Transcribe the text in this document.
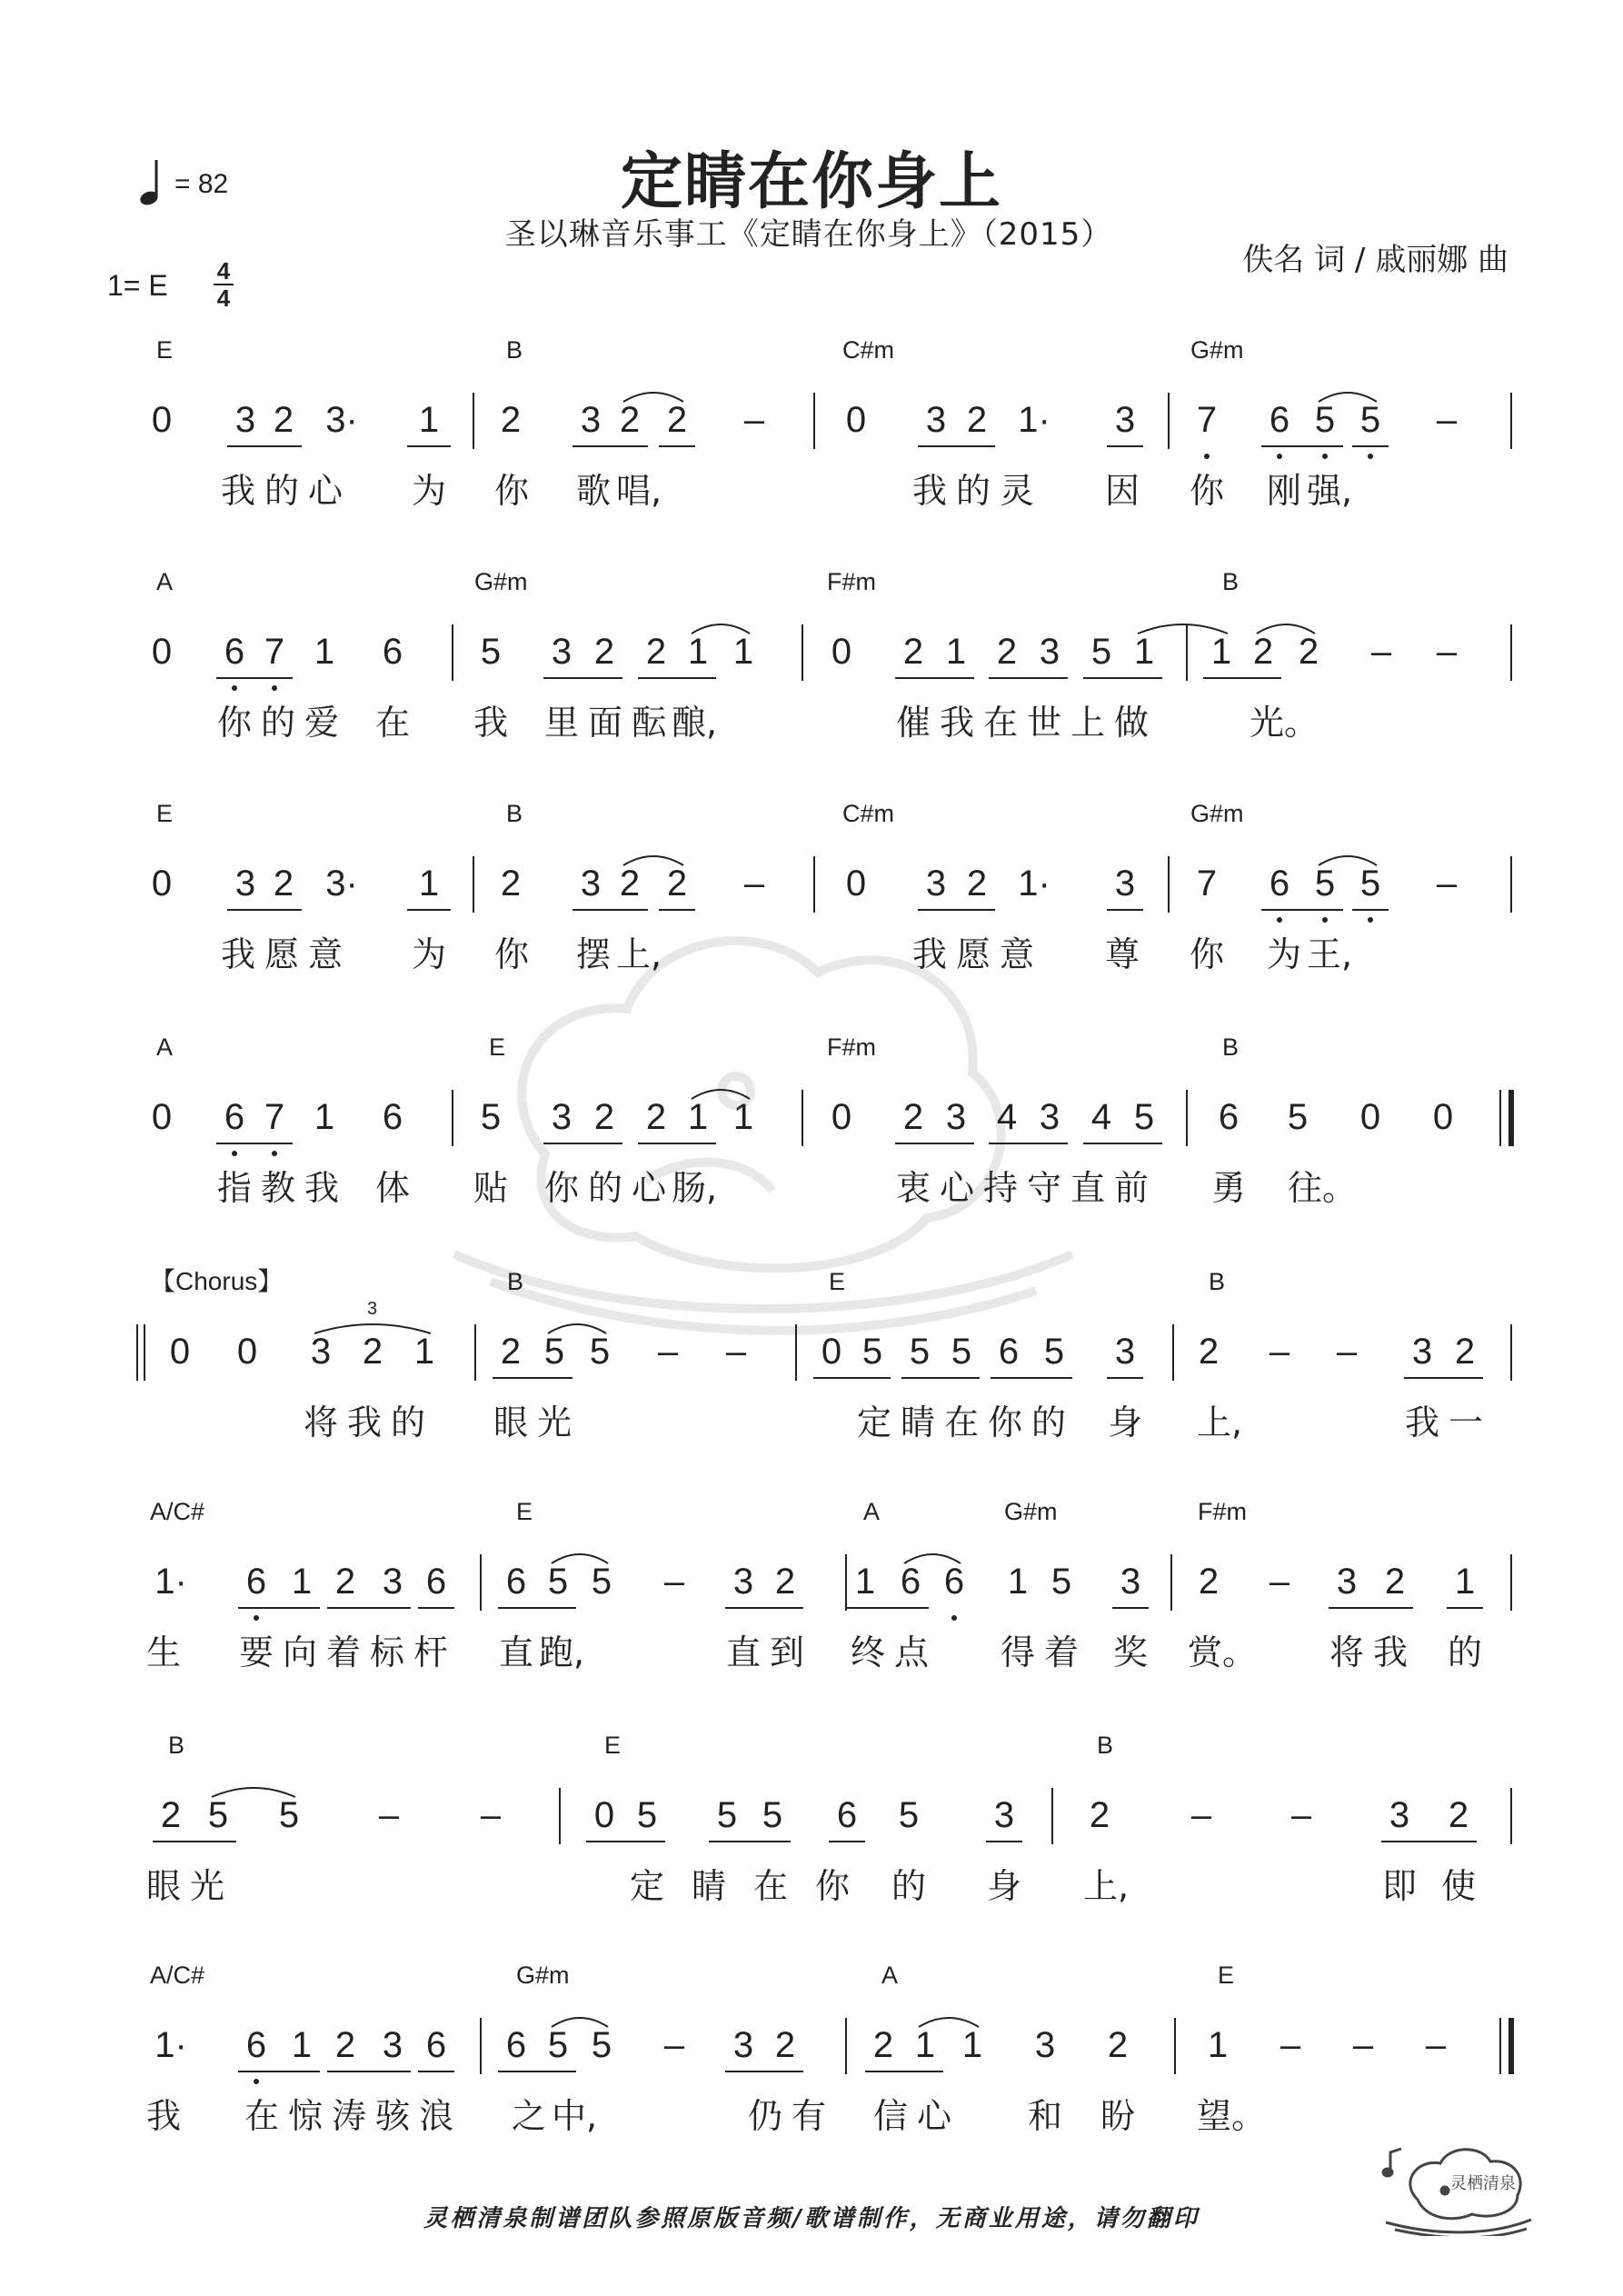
= 82	定睛在你身上
圣以琳音乐事工《定睛在你身上》（2015）
佚名 词 / 戚丽娜 曲
1= E 4
4
【Chorus】
E	B	C#m	G#m
0 3 2 3· 1 2 3 2 2 – 0 3 2 1· 3 7 6 5 5 –
我 的 心 为 你 歌 唱,	我 的 灵 因 你 刚 强,
A	G#m	F#m	B
0 6 7 1 6 5 3 2 2 1 1 0 2 1 2 3 5 1 1 2 2 – –
你 的 爱 在 我 里 面 酝 酿,	催 我 在 世 上 做	光。
E	B	C#m	G#m
0 3 2 3· 1 2 3 2 2 – 0 3 2 1· 3 7 6 5 5 –
我 愿 意 为 你 摆 上,	我 愿 意 尊 你 为 王,
A	E	F#m	B
0 6 7 1 6 5 3 2 2 1 1 0 2 3 4 3 4 5 6 5 0 0
指 教 我 体 贴 你 的 心 肠,	衷 心 持 守 直 前 勇 往。
B	E	B
0 0 3 2 1 2 5 5 – – 0 5 5 5 6 5 3 2 – – 3 2
将 我 的 眼 光	定 睛 在 你 的 身 上,	我 一
3
A/C#	E	A	G#m	F#m
1· 6 1 2 3 6 6 5 5 – 3 2 1 6 6 1 5 3 2 – 3 2 1
生 要 向 着 标 杆 直 跑,	直 到 终 点 得 着 奖 赏。 将 我 的
B	E	B
2 5 5 – –	0 5 5 5 6 5 3 2 – – 3 2
眼 光	定 睛 在 你 的 身 上,	即 使
A/C#	G#m	A	E
1· 6 1 2 3 6 6 5 5 – 3 2 2 1 1 3 2 1 – – –
我 在 惊 涛 骇 浪 之 中,	仍 有 信 心 和 盼 望。
灵栖清泉制谱团队参照原版音频/歌谱制作，无商业用途，请勿翻印
灵栖清泉
